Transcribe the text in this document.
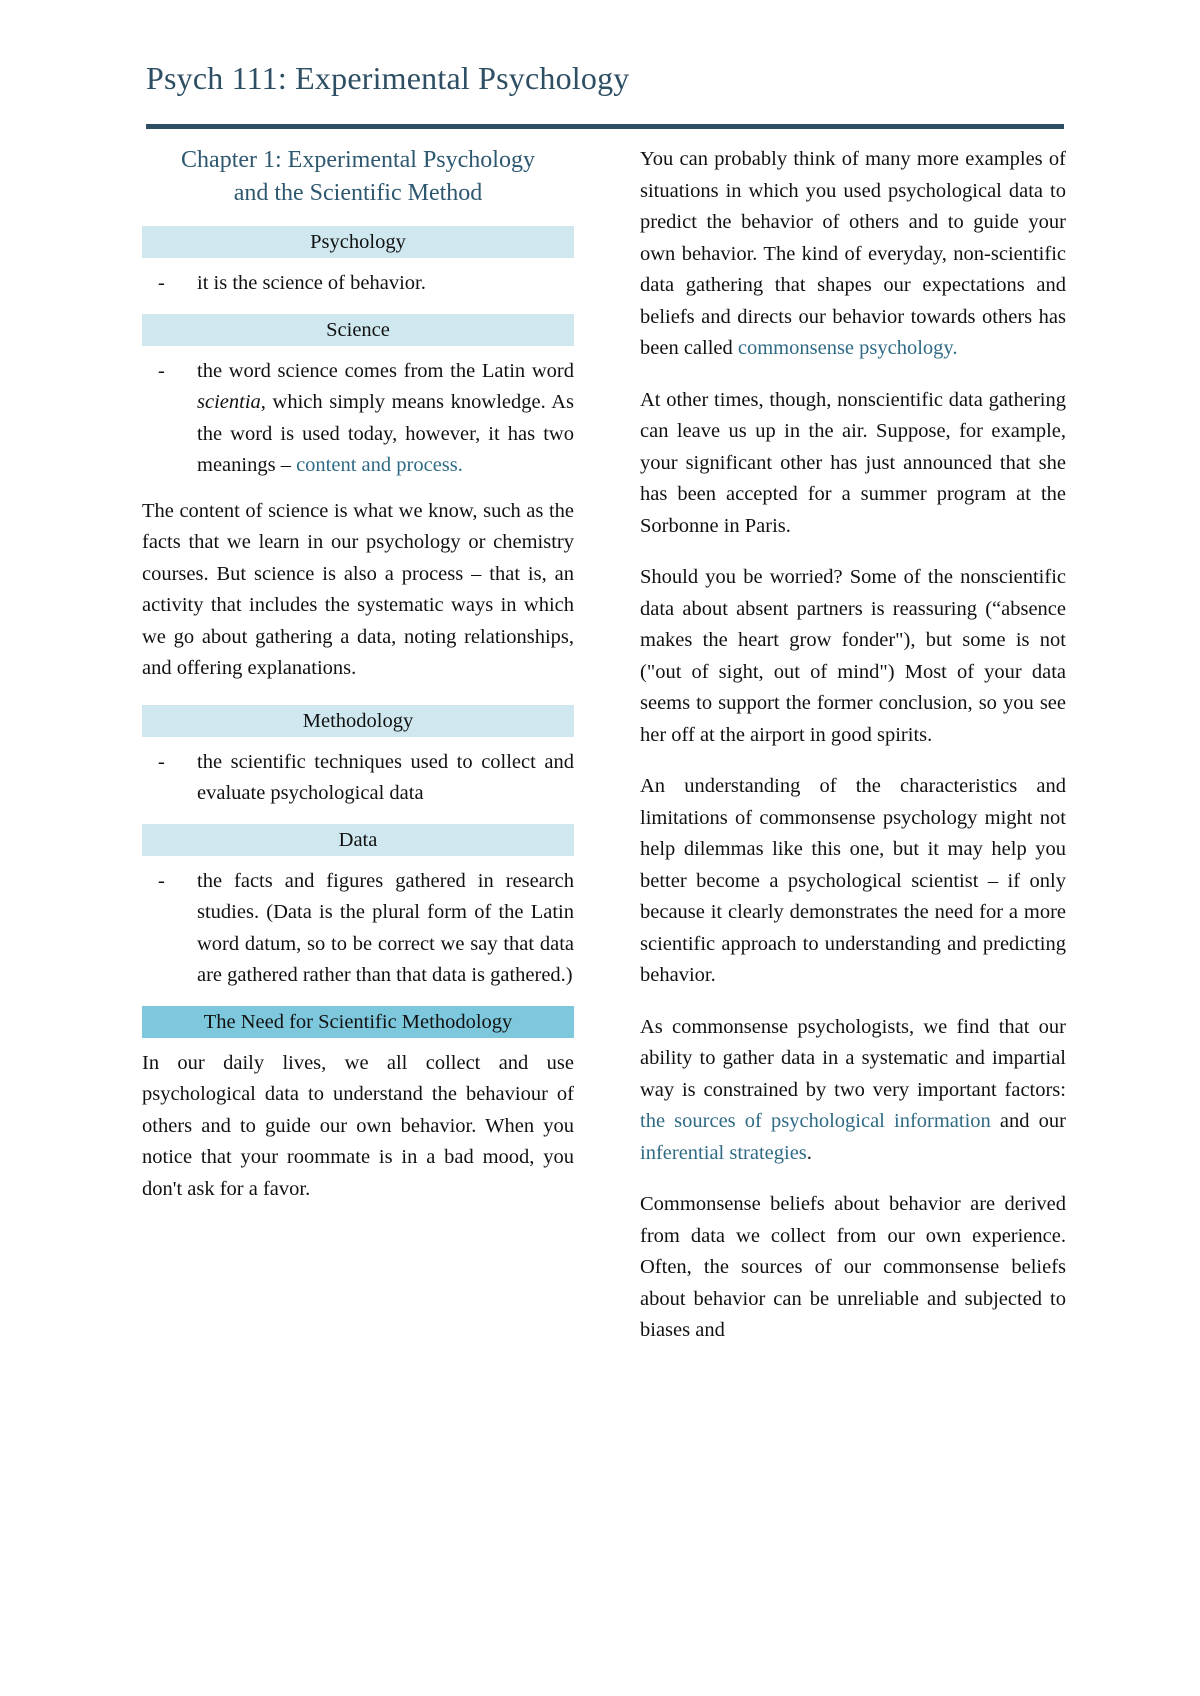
Psych 111: Experimental Psychology
Chapter 1: Experimental Psychology
and the Scientific Method
Psychology
- it is the science of behavior.
Science
- the word science comes from the Latin word scientia, which simply means knowledge. As the word is used today, however, it has two meanings – content and process.

The content of science is what we know, such as the facts that we learn in our psychology or chemistry courses. But science is also a process – that is, an activity that includes the systematic ways in which we go about gathering a data, noting relationships, and offering explanations.

Methodology
- the scientific techniques used to collect and evaluate psychological data
Data
- the facts and figures gathered in research studies. (Data is the plural form of the Latin word datum, so to be correct we say that data are gathered rather than that data is gathered.)
The Need for Scientific Methodology

In our daily lives, we all collect and use psychological data to understand the behaviour of others and to guide our own behavior. When you notice that your roommate is in a bad mood, you don't ask for a favor.

You can probably think of many more examples of situations in which you used psychological data to predict the behavior of others and to guide your own behavior. The kind of everyday, non-scientific data gathering that shapes our expectations and beliefs and directs our behavior towards others has been called commonsense psychology.

At other times, though, nonscientific data gathering can leave us up in the air. Suppose, for example, your significant other has just announced that she has been accepted for a summer program at the Sorbonne in Paris.

Should you be worried? Some of the nonscientific data about absent partners is reassuring (“absence makes the heart grow fonder"), but some is not ("out of sight, out of mind") Most of your data seems to support the former conclusion, so you see her off at the airport in good spirits.

An understanding of the characteristics and limitations of commonsense psychology might not help dilemmas like this one, but it may help you better become a psychological scientist – if only because it clearly demonstrates the need for a more scientific approach to understanding and predicting behavior.

As commonsense psychologists, we find that our ability to gather data in a systematic and impartial way is constrained by two very important factors: the sources of psychological information and our inferential strategies.

Commonsense beliefs about behavior are derived from data we collect from our own experience. Often, the sources of our commonsense beliefs about behavior can be unreliable and subjected to biases and
